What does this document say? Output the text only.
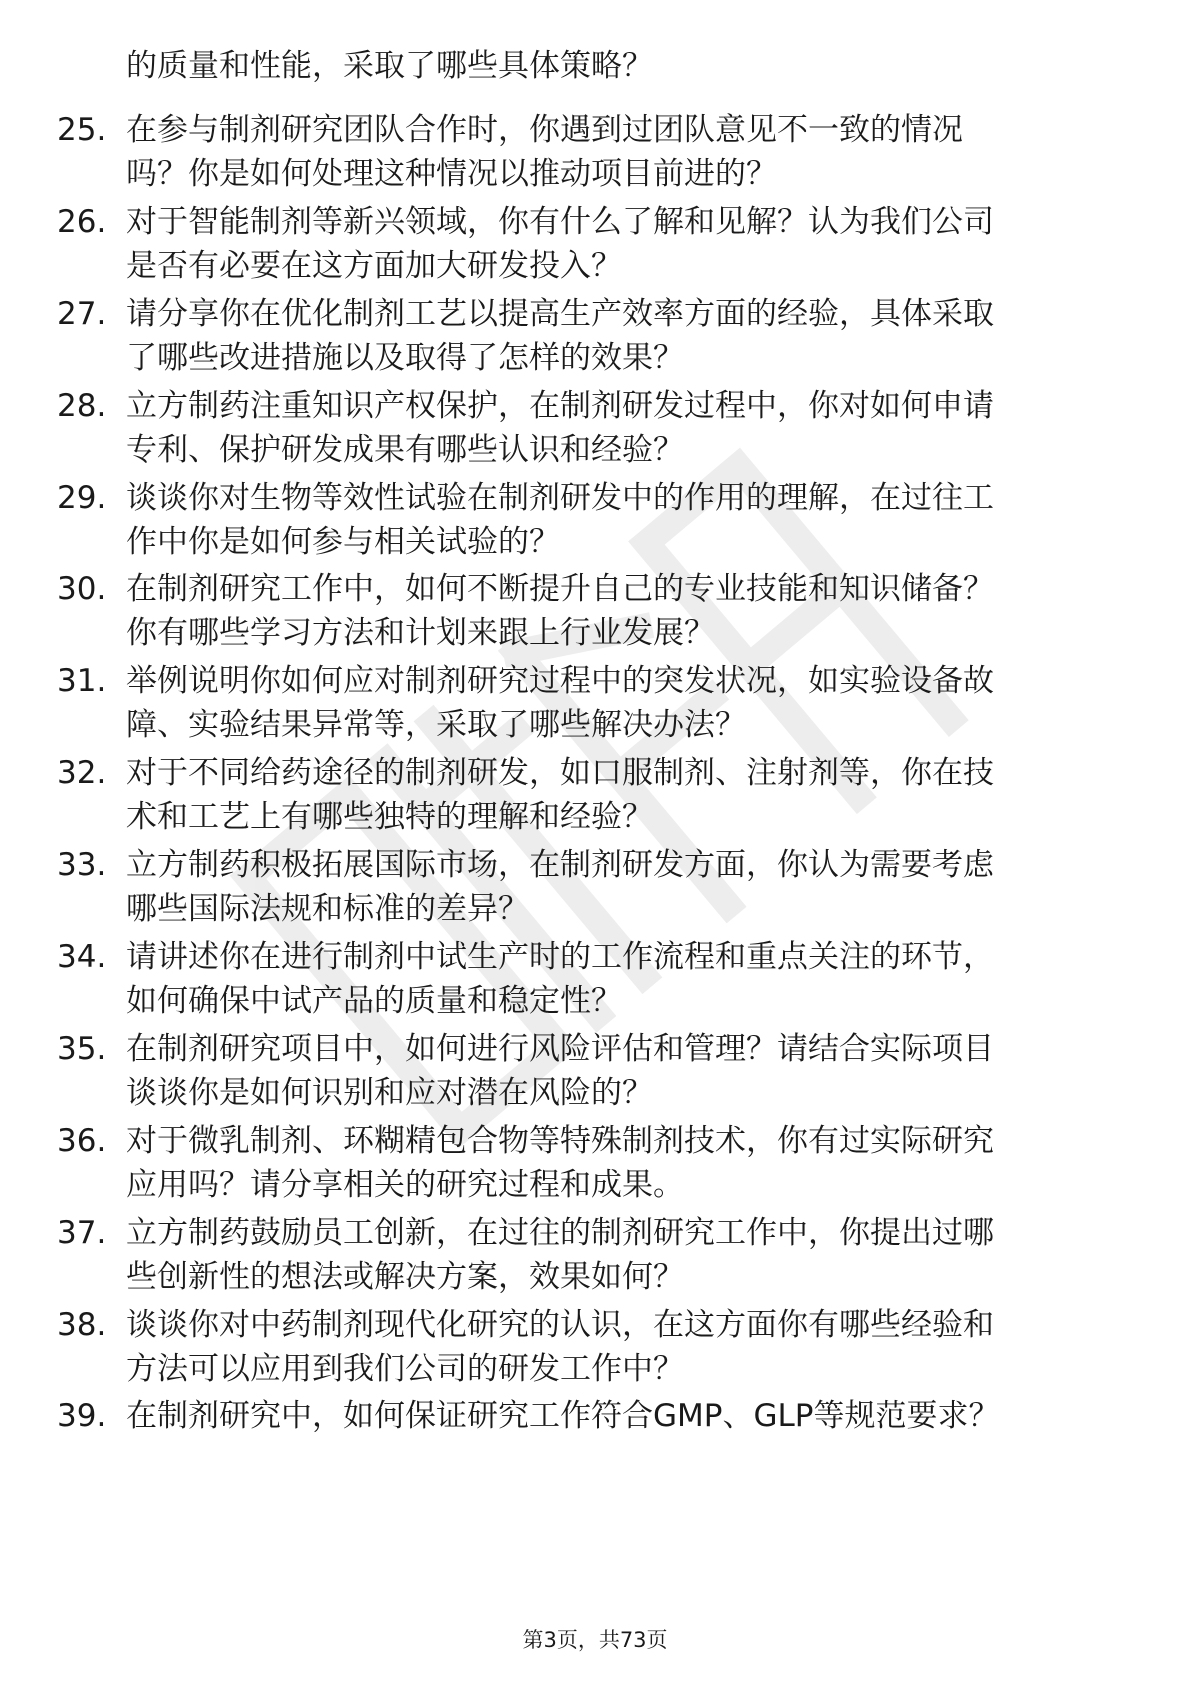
的质量和性能，采取了哪些具体策略？
25. 在参与制剂研究团队合作时，你遇到过团队意见不一致的情况
吗？你是如何处理这种情况以推动项目前进的？
26. 对于智能制剂等新兴领域，你有什么了解和见解？认为我们公司
是否有必要在这方面加大研发投入？
27. 请分享你在优化制剂工艺以提高生产效率方面的经验，具体采取
了哪些改进措施以及取得了怎样的效果？
28. 立方制药注重知识产权保护，在制剂研发过程中，你对如何申请
专利、保护研发成果有哪些认识和经验？
29. 谈谈你对生物等效性试验在制剂研发中的作用的理解，在过往工
作中你是如何参与相关试验的？
30. 在制剂研究工作中，如何不断提升自己的专业技能和知识储备？
你有哪些学习方法和计划来跟上行业发展？
31. 举例说明你如何应对制剂研究过程中的突发状况，如实验设备故
障、实验结果异常等，采取了哪些解决办法？
32. 对于不同给药途径的制剂研发，如口服制剂、注射剂等，你在技
术和工艺上有哪些独特的理解和经验？
33. 立方制药积极拓展国际市场，在制剂研发方面，你认为需要考虑
哪些国际法规和标准的差异？
34. 请讲述你在进行制剂中试生产时的工作流程和重点关注的环节，
如何确保中试产品的质量和稳定性？
35. 在制剂研究项目中，如何进行风险评估和管理？请结合实际项目
谈谈你是如何识别和应对潜在风险的？
36. 对于微乳制剂、环糊精包合物等特殊制剂技术，你有过实际研究
应用吗？请分享相关的研究过程和成果。
37. 立方制药鼓励员工创新，在过往的制剂研究工作中，你提出过哪
些创新性的想法或解决方案，效果如何？
38. 谈谈你对中药制剂现代化研究的认识，在这方面你有哪些经验和
方法可以应用到我们公司的研发工作中？
39. 在制剂研究中，如何保证研究工作符合GMP、GLP等规范要求？
第3页，共73页
